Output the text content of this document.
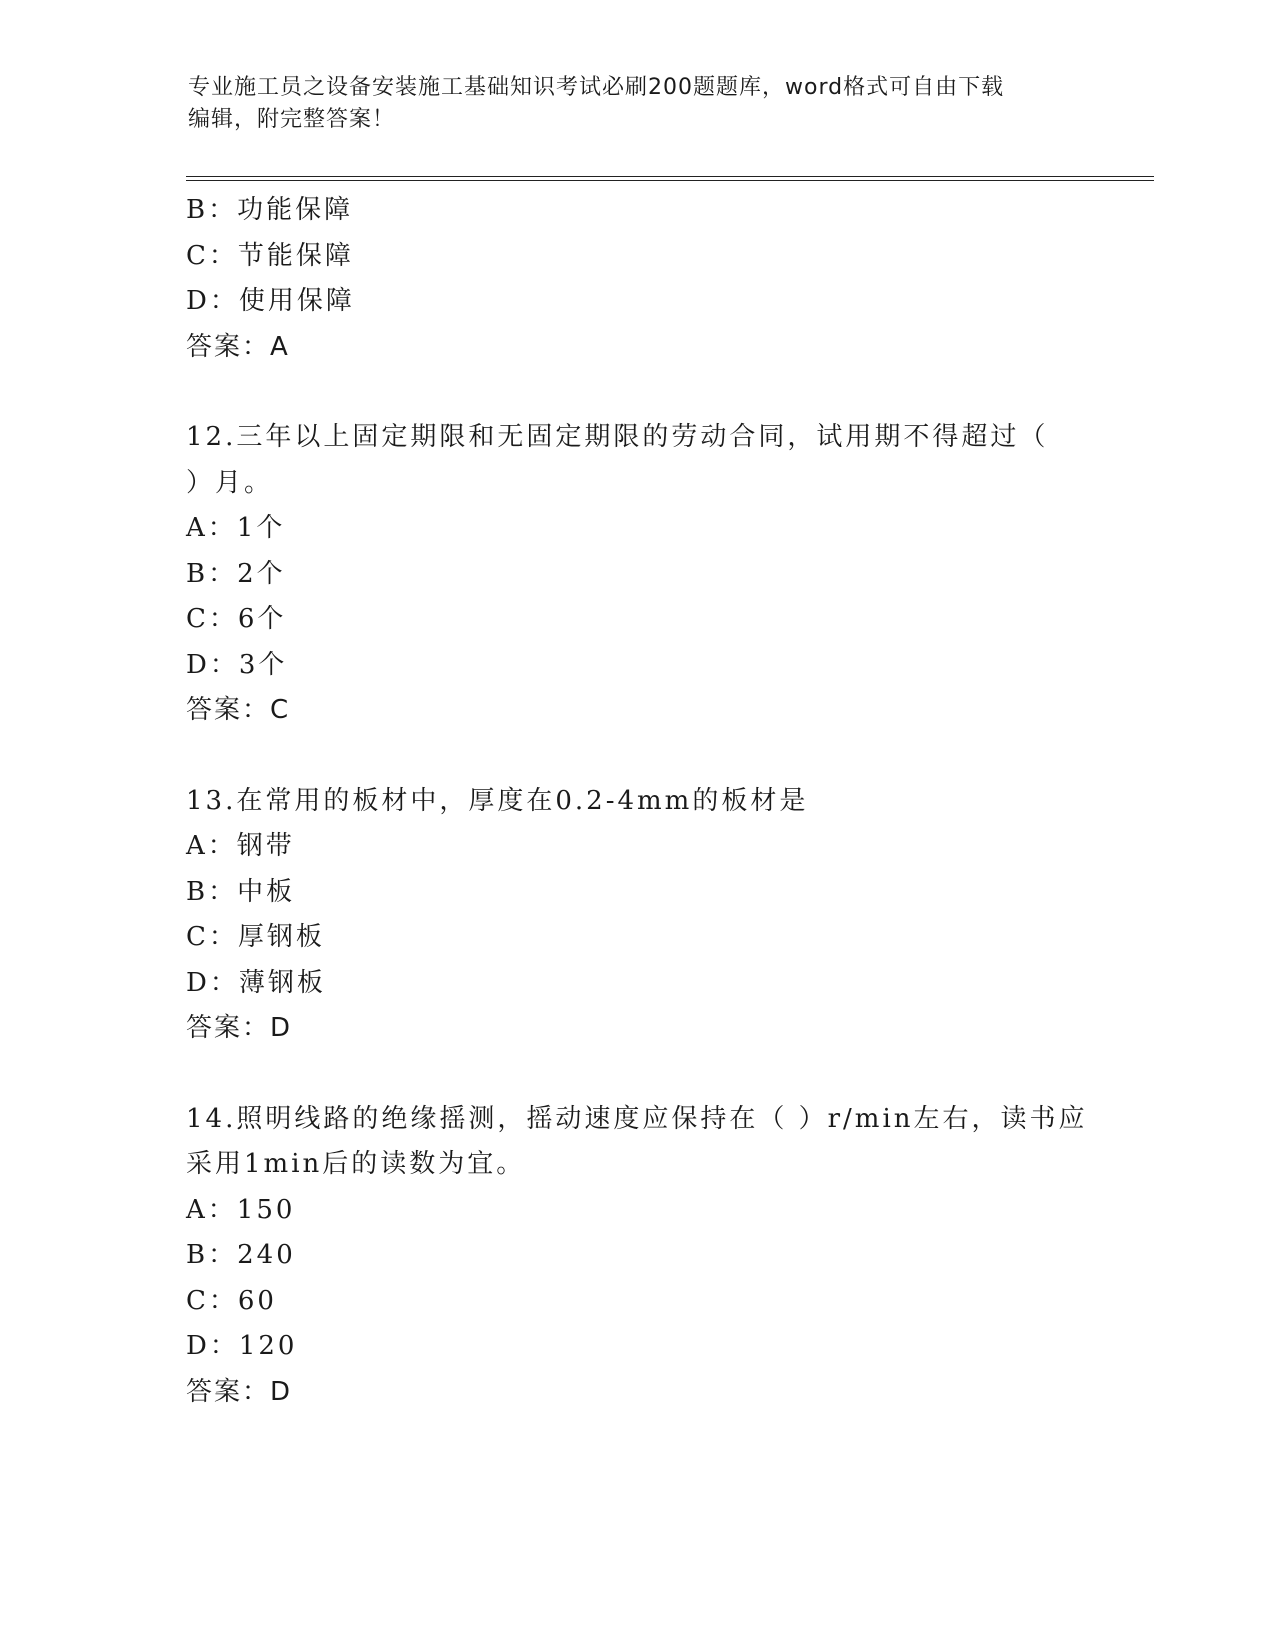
专业施工员之设备安装施工基础知识考试必刷200题题库，word格式可自由下载
编辑，附完整答案！
B：功能保障
C：节能保障
D：使用保障
答案：A
12.三年以上固定期限和无固定期限的劳动合同，试用期不得超过（
）月。
A：1个
B：2个
C：6个
D：3个
答案：C
13.在常用的板材中，厚度在0.2-4mm的板材是
A：钢带
B：中板
C：厚钢板
D：薄钢板
答案：D
14.照明线路的绝缘摇测，摇动速度应保持在（ ）r/min左右，读书应
采用1min后的读数为宜。
A：150
B：240
C：60
D：120
答案：D
